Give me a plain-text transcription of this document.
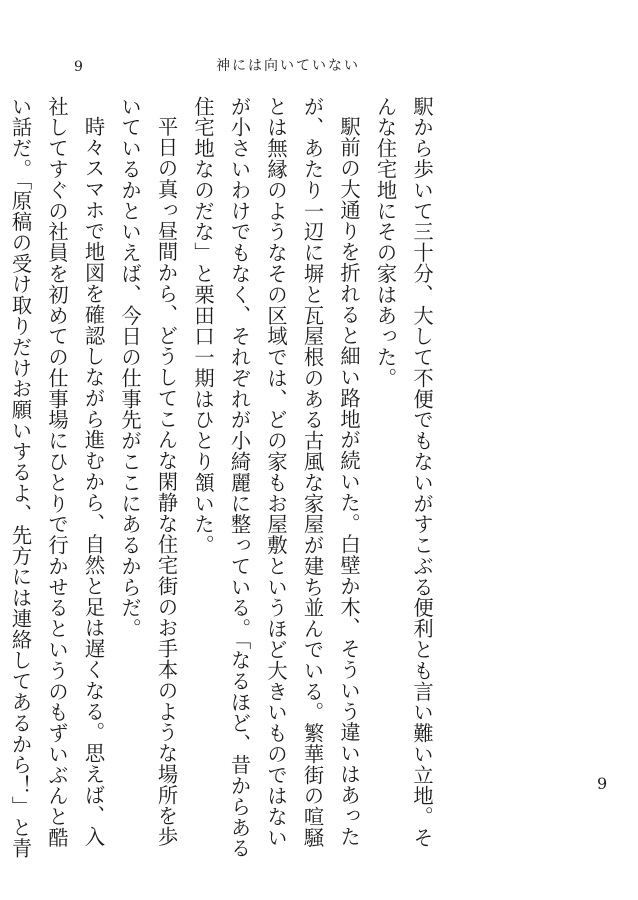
9	神には向いていない

駅から歩いて三十分、大して不便でもないがすこぶる便利とも言い難い立地。そんな住宅地にその家はあった。

駅前の大通りを折れると細い路地が続いた。白壁か木、そういう違いはあったが、あたり一辺に塀と瓦屋根のある古風な家屋が建ち並んでいる。繁華街の喧騒とは無縁のようなその区域では、どの家もお屋敷というほど大きいものではないが小さいわけでもなく、それぞれが小綺麗に整っている。「なるほど、昔からある住宅地なのだな」と栗田口一期はひとり頷いた。

平日の真っ昼間から、どうしてこんな閑静な住宅街のお手本のような場所を歩いているかといえば、今日の仕事先がここにあるからだ。

時々スマホで地図を確認しながら進むから、自然と足は遅くなる。思えば、入社してすぐの社員を初めての仕事場にひとりで行かせるというのもずいぶんと酷い話だ。「原稿の受け取りだけお願いするよ、先方には連絡してあるから！」と青

9
